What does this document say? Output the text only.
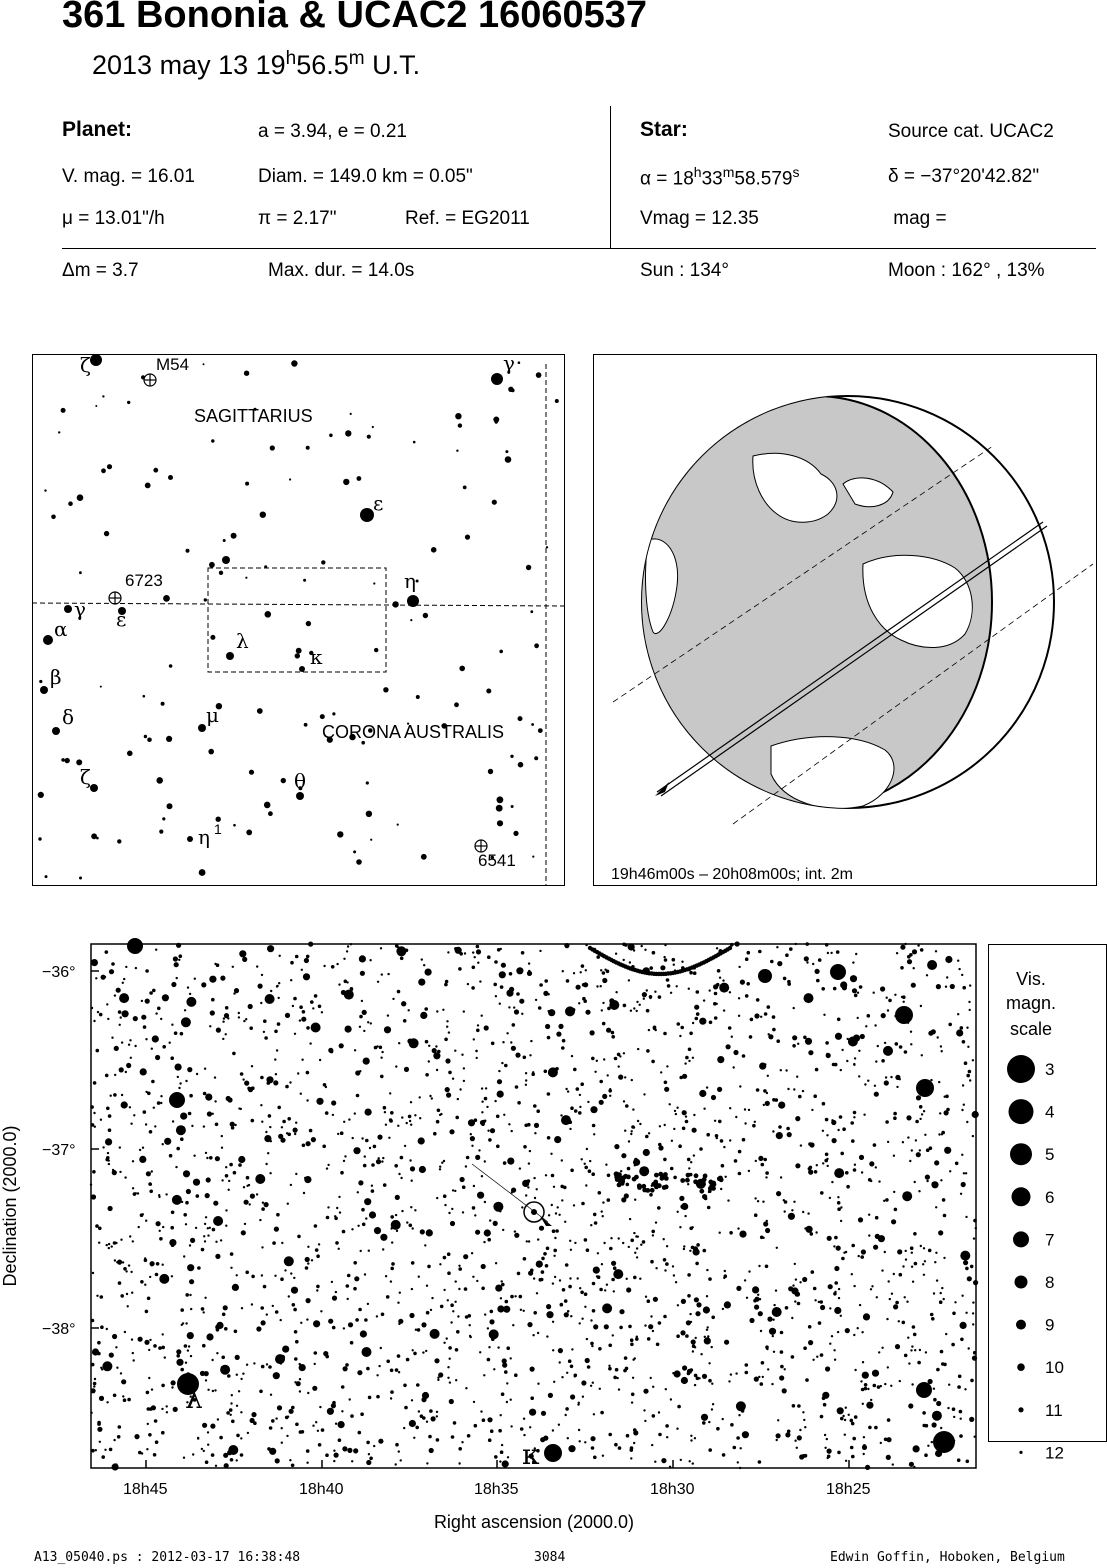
361 Bononia & UCAC2 16060537
2013 may 13 19$^h$56.5$^m$ U.T.
Planet:	a = 3.94, e = 0.21
V. mag. = 16.01	Diam. = 149.0 km = 0.05"
μ = 13.01"/h	π = 2.17"	Ref. = EG2011
Star:	Source cat. UCAC2
$\alpha = 18^h33^m58.579^s$	δ = −37°20'42.82"
Vmag = 12.35	mag =
Δm = 3.7	Max. dur. = 14.0s	Sun : 134°	Moon : 162° , 13%
SAGITTARIUS
CORONA AUSTRALIS
M54
6723
6541
ζ	γ
ε
η
α
γ ε
λ
κ
β
δ	μ
θ
ζ
η 1
19h46m00s – 20h08m00s; int. 2m
λ
κ
18h45	18h40	18h35	18h30	18h25
−36°
−37°
−38°
Right ascension (2000.0)
Declination (2000.0)
Vis.
magn.
scale
3
4
5
6
7
8
9
10
11
12
A13_05040.ps : 2012-03-17 16:38:48	3084	Edwin Goffin, Hoboken, Belgium
